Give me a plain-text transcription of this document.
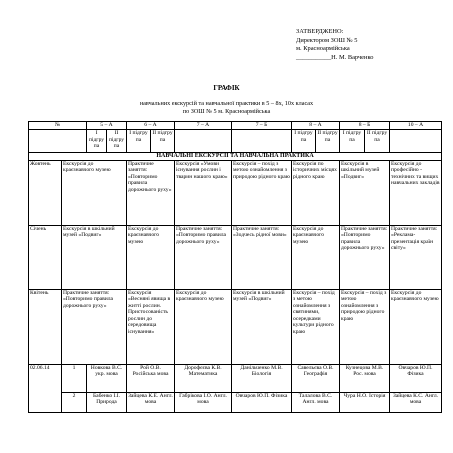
ЗАТВЕРДЖЕНО:
Директором ЗОШ № 5
м. Красноармійська
___________Н. М. Варченко
ГРАФІК
навчальних екскурсій та навчальної практики в 5 – 8х, 10х класах
по ЗОШ № 5 м. Красноармійська
№		5 – А		6 – А		7 – А	7 – Б	8 – А		8 – Б		10 – А
		I підгру па	II підгру па	I підгру па	II підгру па			I підгру па	II підгру па	I підгру па	II підгру па	
НАВЧАЛЬНІ ЕКСКУРСІЇ ТА НАВЧАЛЬНА ПРАКТИКА												
Жовтень	Екскурсія до краєзнавчого музею			Практичне заняття: «Повторимо правила дорожнього руху»		Екскурсія «Умови існування рослин і тварин нашого краю»	Екскурсія – похід з метою ознайомлення з природою рідного краю	Екскурсія по історичних місцях рідного краю		Екскурсія в шкільний музей «Подвиг»		Екскурсія до професійно - технічних та вищих навчальних закладів
Січень	Екскурсія в шкільний музей «Подвиг»			Екскурсія до краєзнавчого музею		Практичне заняття: «Повторимо правила дорожнього руху»	Практичне заняття: «Зодчесь рідної мови»	Екскурсія до краєзнавчого музею		Практичне заняття: «Повторимо правила дорожнього руху»		Практичне заняття: «Рекламa- презентація країн світу»
Квітень	Практичне заняття: «Повторимо правила дорожнього руху»			Екскурсія «Весняні явища в житті рослин. Пристосованість рослин до середовища існування»		Екскурсія до краєзнавчого музею	Екскурсія в шкільний музей «Подвиг»	Екскурсія – похід з метою ознайомлення з святинями, осередками культури рідного краю		Екскурсія – похід з метою ознайомлення з природою рідного краю		Екскурсія до краєзнавчого музею
02.06.14	1	Новкова В.С. укр. мова		Рой О.В. Російська мова		Дорофєєва К.В. Математика	Данільченко М.В. Біологія	Савельєва О.В. Географія		Кузнецова М.В. Рос. мова		Овчаров Ю.П. Фізика
	2	Бабенко І.І. Природа		Зайцева К.Е. Англ. мова		Габрікова І.О. Англ. мова	Овчаров Ю.П. Фізика	Талалова В.С. Англ. мова		Чура Н.О. Історія		Зайцева К.С. Англ. мова
